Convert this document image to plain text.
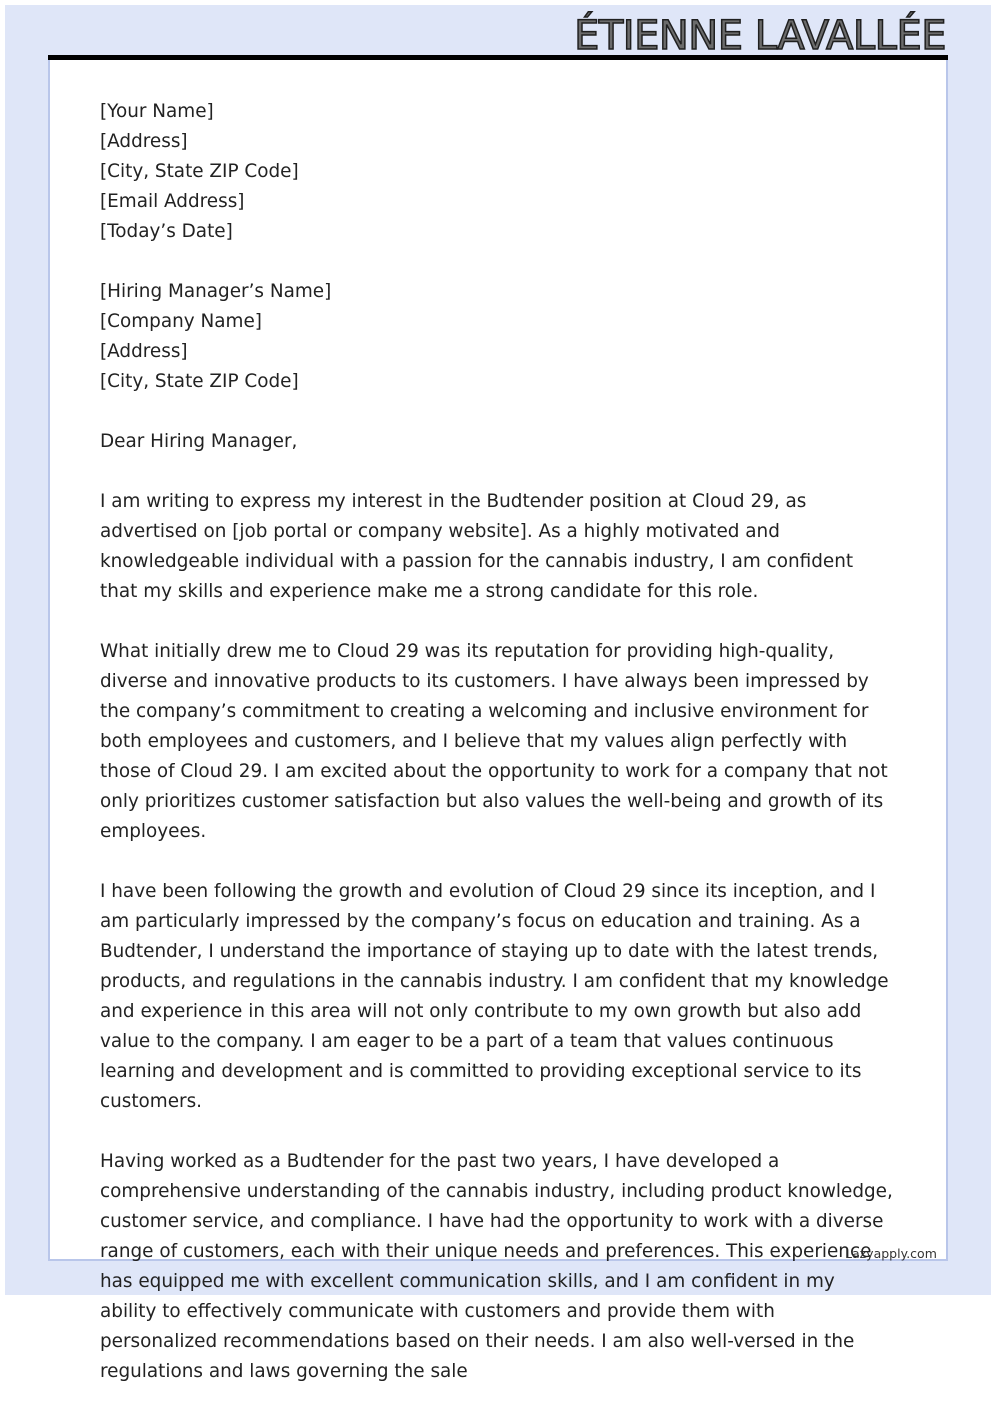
ÉTIENNE LAVALLÉE
[Your Name]
[Address]
[City, State ZIP Code]
[Email Address]
[Today’s Date]
[Hiring Manager’s Name]
[Company Name]
[Address]
[City, State ZIP Code]

Dear Hiring Manager,

I am writing to express my interest in the Budtender position at Cloud 29, as advertised on [job portal or company website]. As a highly motivated and knowledgeable individual with a passion for the cannabis industry, I am confident that my skills and experience make me a strong candidate for this role.

What initially drew me to Cloud 29 was its reputation for providing high-quality, diverse and innovative products to its customers. I have always been impressed by the company’s commitment to creating a welcoming and inclusive environment for both employees and customers, and I believe that my values align perfectly with those of Cloud 29. I am excited about the opportunity to work for a company that not only prioritizes customer satisfaction but also values the well-being and growth of its employees.

I have been following the growth and evolution of Cloud 29 since its inception, and I am particularly impressed by the company’s focus on education and training. As a Budtender, I understand the importance of staying up to date with the latest trends, products, and regulations in the cannabis industry. I am confident that my knowledge and experience in this area will not only contribute to my own growth but also add value to the company. I am eager to be a part of a team that values continuous learning and development and is committed to providing exceptional service to its customers.

Having worked as a Budtender for the past two years, I have developed a comprehensive understanding of the cannabis industry, including product knowledge, customer service, and compliance. I have had the opportunity to work with a diverse range of customers, each with their unique needs and preferences. This experience has equipped me with excellent communication skills, and I am confident in my ability to effectively communicate with customers and provide them with personalized recommendations based on their needs. I am also well-versed in the regulations and laws governing the sale

Lazyapply.com
